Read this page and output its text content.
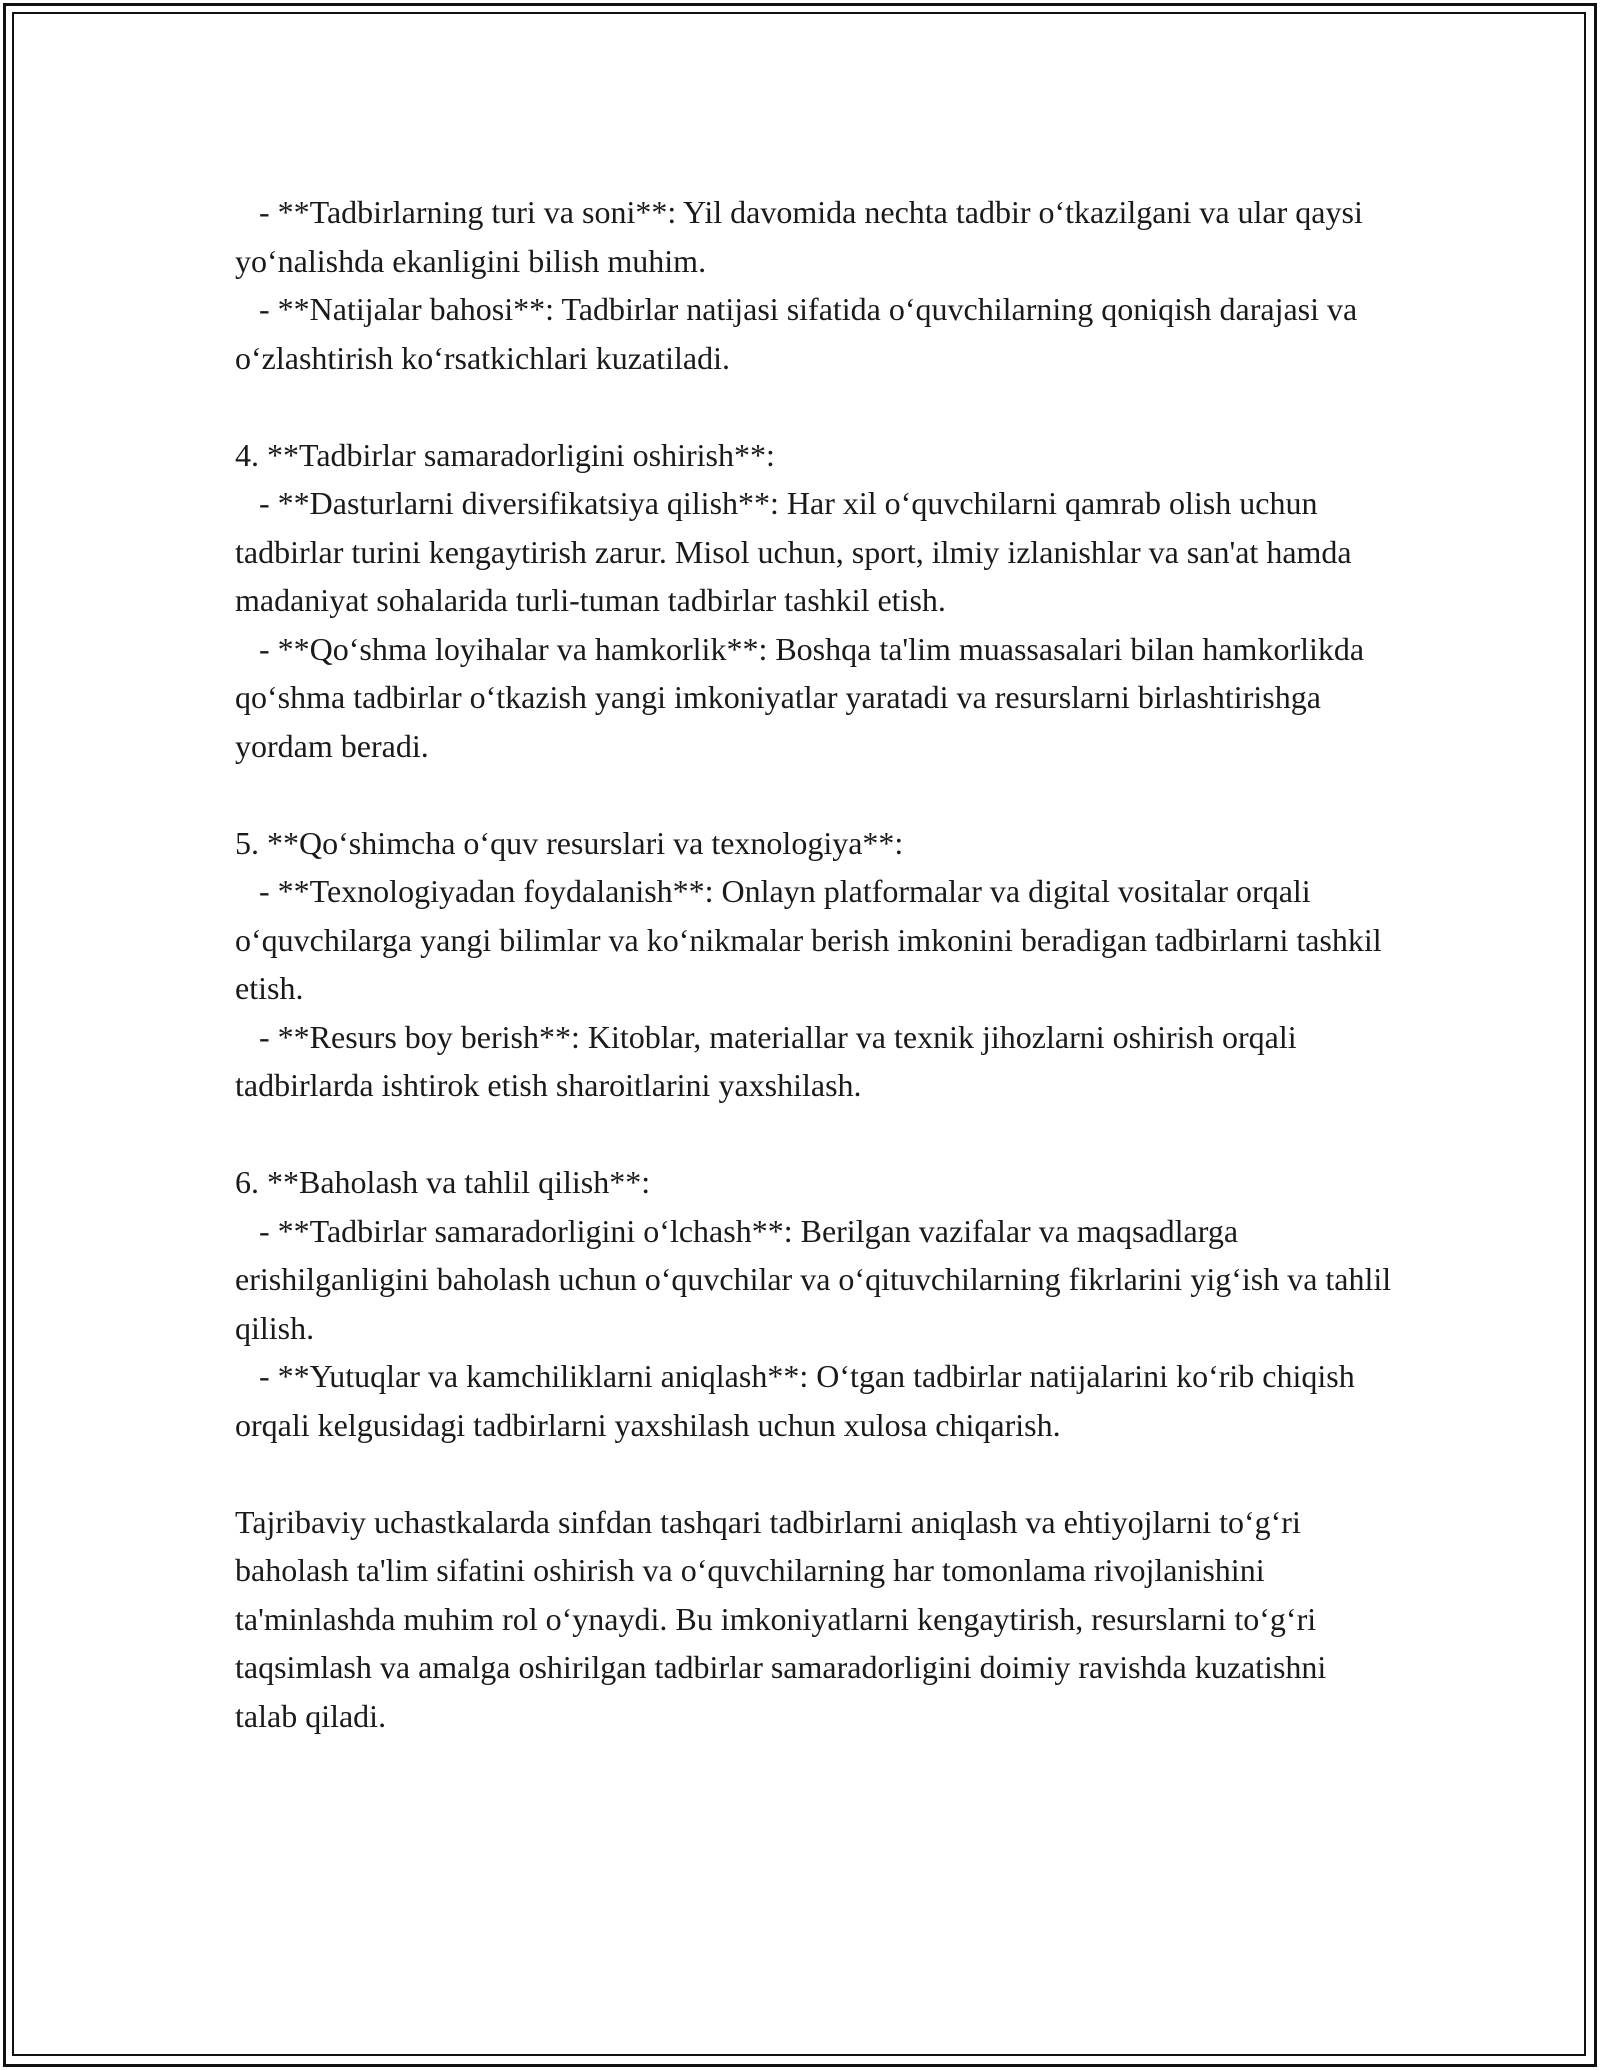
- **Tadbirlarning turi va soni**: Yil davomida nechta tadbir o‘tkazilgani va ular qaysi yo‘nalishda ekanligini bilish muhim.

- **Natijalar bahosi**: Tadbirlar natijasi sifatida o‘quvchilarning qoniqish darajasi va o‘zlashtirish ko‘rsatkichlari kuzatiladi.

4. **Tadbirlar samaradorligini oshirish**:

- **Dasturlarni diversifikatsiya qilish**: Har xil o‘quvchilarni qamrab olish uchun tadbirlar turini kengaytirish zarur. Misol uchun, sport, ilmiy izlanishlar va san'at hamda madaniyat sohalarida turli-tuman tadbirlar tashkil etish.

- **Qo‘shma loyihalar va hamkorlik**: Boshqa ta'lim muassasalari bilan hamkorlikda qo‘shma tadbirlar o‘tkazish yangi imkoniyatlar yaratadi va resurslarni birlashtirishga yordam beradi.

5. **Qo‘shimcha o‘quv resurslari va texnologiya**:

- **Texnologiyadan foydalanish**: Onlayn platformalar va digital vositalar orqali o‘quvchilarga yangi bilimlar va ko‘nikmalar berish imkonini beradigan tadbirlarni tashkil etish.

- **Resurs boy berish**: Kitoblar, materiallar va texnik jihozlarni oshirish orqali tadbirlarda ishtirok etish sharoitlarini yaxshilash.

6. **Baholash va tahlil qilish**:

- **Tadbirlar samaradorligini o‘lchash**: Berilgan vazifalar va maqsadlarga erishilganligini baholash uchun o‘quvchilar va o‘qituvchilarning fikrlarini yig‘ish va tahlil qilish.

- **Yutuqlar va kamchiliklarni aniqlash**: O‘tgan tadbirlar natijalarini ko‘rib chiqish orqali kelgusidagi tadbirlarni yaxshilash uchun xulosa chiqarish.

Tajribaviy uchastkalarda sinfdan tashqari tadbirlarni aniqlash va ehtiyojlarni to‘g‘ri baholash ta'lim sifatini oshirish va o‘quvchilarning har tomonlama rivojlanishini ta'minlashda muhim rol o‘ynaydi. Bu imkoniyatlarni kengaytirish, resurslarni to‘g‘ri taqsimlash va amalga oshirilgan tadbirlar samaradorligini doimiy ravishda kuzatishni talab qiladi.
